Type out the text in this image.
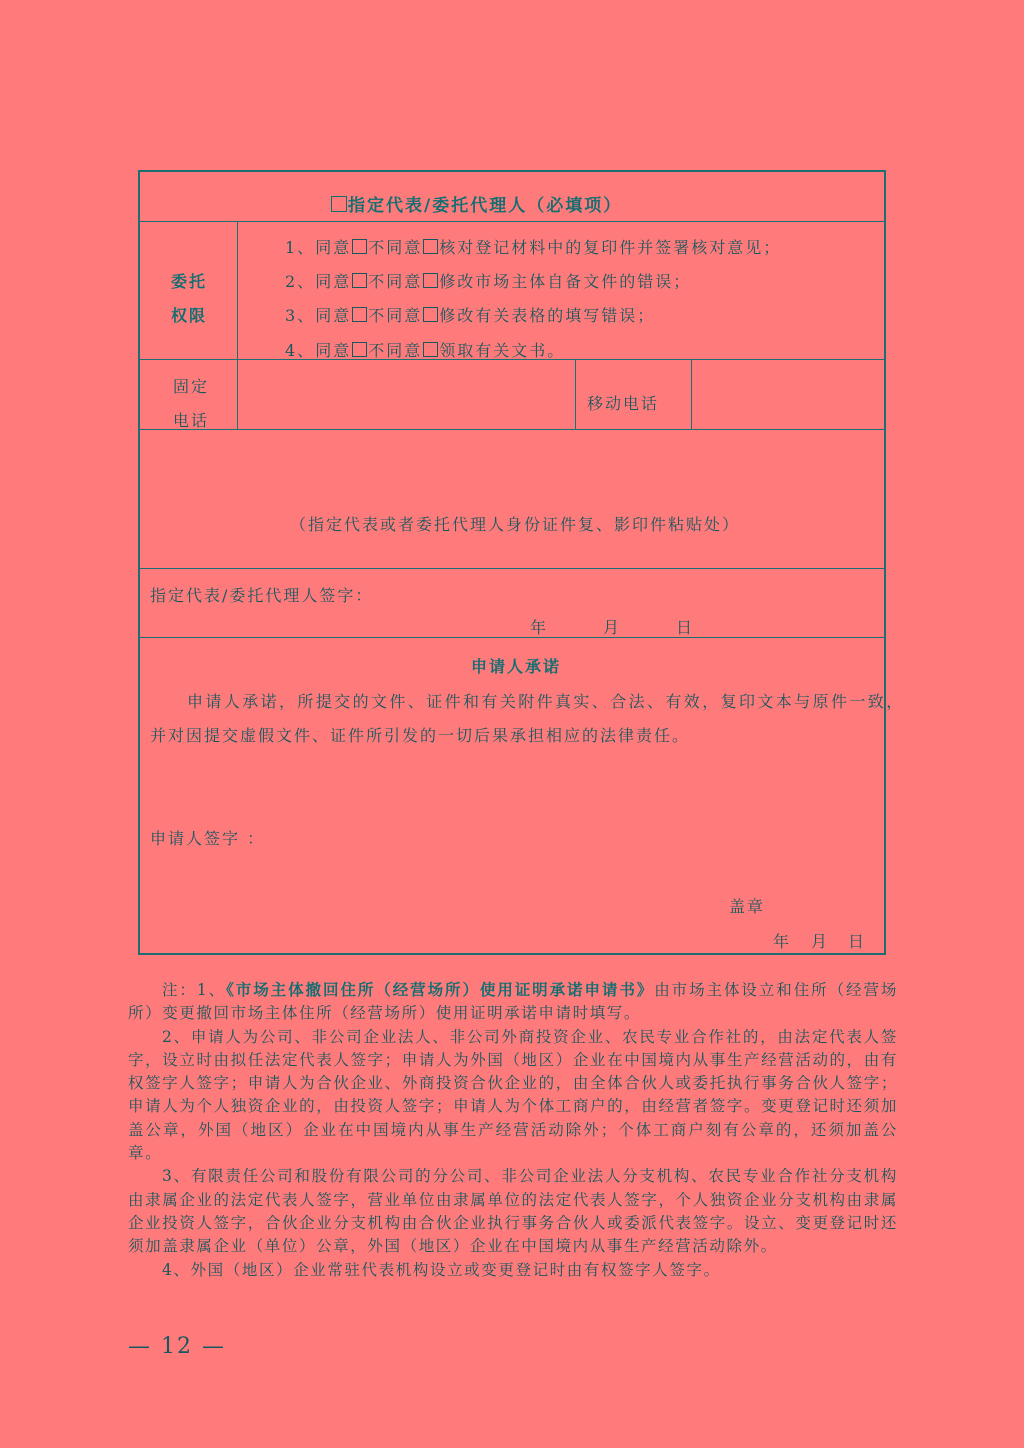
指定代表/委托代理人（必填项）
委托
权限
1、同意 不同意 核对登记材料中的复印件并签署核对意见；
2、同意 不同意 修改市场主体自备文件的错误；
3、同意 不同意 修改有关表格的填写错误；
4、同意 不同意 领取有关文书。
固定
电话
移动电话
（指定代表或者委托代理人身份证件复、影印件粘贴处）
指定代表/委托代理人签字：
年	月	日
申请人承诺
申请人承诺，所提交的文件、证件和有关附件真实、合法、有效，复印文本与原件一致，
并对因提交虚假文件、证件所引发的一切后果承担相应的法律责任。
申请人签字 ：
盖章
年 月 日

注：1、《市场主体撤回住所（经营场所）使用证明承诺申请书》由市场主体设立和住所（经营场所）变更撤回市场主体住所（经营场所）使用证明承诺申请时填写。

2、申请人为公司、非公司企业法人、非公司外商投资企业、农民专业合作社的，由法定代表人签字，设立时由拟任法定代表人签字；申请人为外国（地区）企业在中国境内从事生产经营活动的，由有权签字人签字；申请人为合伙企业、外商投资合伙企业的，由全体合伙人或委托执行事务合伙人签字；申请人为个人独资企业的，由投资人签字；申请人为个体工商户的，由经营者签字。变更登记时还须加盖公章，外国（地区）企业在中国境内从事生产经营活动除外；个体工商户刻有公章的，还须加盖公章。

3、有限责任公司和股份有限公司的分公司、非公司企业法人分支机构、农民专业合作社分支机构由隶属企业的法定代表人签字，营业单位由隶属单位的法定代表人签字，个人独资企业分支机构由隶属企业投资人签字，合伙企业分支机构由合伙企业执行事务合伙人或委派代表签字。设立、变更登记时还须加盖隶属企业（单位）公章，外国（地区）企业在中国境内从事生产经营活动除外。

4、外国（地区）企业常驻代表机构设立或变更登记时由有权签字人签字。

— 12 —
